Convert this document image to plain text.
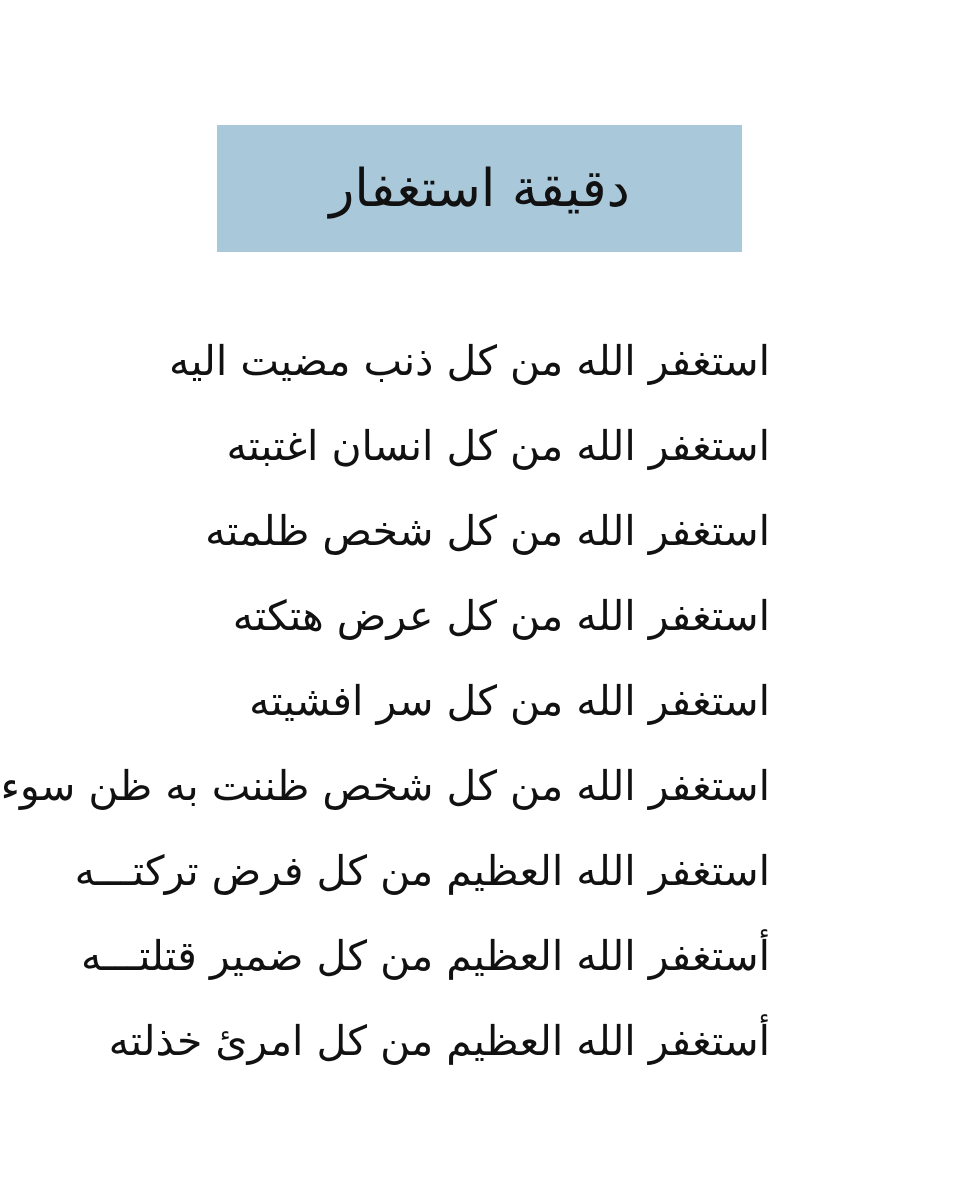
دقيقة استغفار
استغفر الله من كل ذنب مضيت اليه
استغفر الله من كل انسان اغتبته
استغفر الله من كل شخص ظلمته
استغفر الله من كل عرض هتكته
استغفر الله من كل سر افشيته
استغفر الله من كل شخص ظننت به ظن سوء
استغفر الله العظيم من كل فرض تركتـــه
أستغفر الله العظيم من كل ضمير قتلتـــه
أستغفر الله العظيم من كل امرئ خذلته
